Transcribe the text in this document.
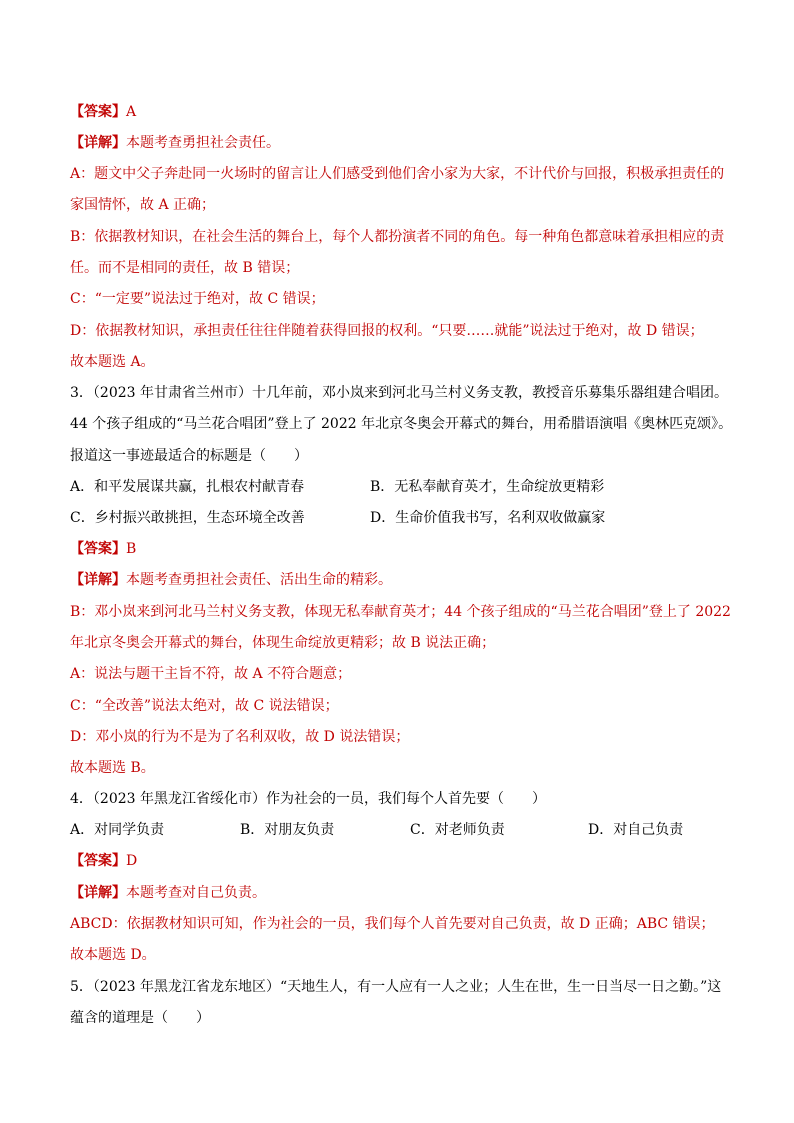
【答案】A
【详解】本题考查勇担社会责任。
A：题文中父子奔赴同一火场时的留言让人们感受到他们舍小家为大家，不计代价与回报，积极承担责任的
家国情怀，故 A 正确；
B：依据教材知识，在社会生活的舞台上，每个人都扮演者不同的角色。每一种角色都意味着承担相应的责
任。而不是相同的责任，故 B 错误；
C：“一定要”说法过于绝对，故 C 错误；
D：依据教材知识，承担责任往往伴随着获得回报的权利。“只要……就能”说法过于绝对，故 D 错误；
故本题选 A。
3．（2023 年甘肃省兰州市）十几年前，邓小岚来到河北马兰村义务支教，教授音乐募集乐器组建合唱团。
44 个孩子组成的“马兰花合唱团”登上了 2022 年北京冬奥会开幕式的舞台，用希腊语演唱《奥林匹克颂》。
报道这一事迹最适合的标题是（　　）
A．和平发展谋共赢，扎根农村献青春	B．无私奉献育英才，生命绽放更精彩
C．乡村振兴敢挑担，生态环境全改善	D．生命价值我书写，名利双收做赢家
【答案】B
【详解】本题考查勇担社会责任、活出生命的精彩。
B：邓小岚来到河北马兰村义务支教，体现无私奉献育英才；44 个孩子组成的“马兰花合唱团”登上了 2022
年北京冬奥会开幕式的舞台，体现生命绽放更精彩；故 B 说法正确；
A：说法与题干主旨不符，故 A 不符合题意；
C：“全改善”说法太绝对，故 C 说法错误；
D：邓小岚的行为不是为了名利双收，故 D 说法错误；
故本题选 B。
4．（2023 年黑龙江省绥化市）作为社会的一员，我们每个人首先要（　　）
A．对同学负责	B．对朋友负责	C．对老师负责	D．对自己负责
【答案】D
【详解】本题考查对自己负责。
ABCD：依据教材知识可知，作为社会的一员，我们每个人首先要对自己负责，故 D 正确；ABC 错误；
故本题选 D。
5．（2023 年黑龙江省龙东地区）“天地生人，有一人应有一人之业；人生在世，生一日当尽一日之勤。”这
蕴含的道理是（　　）
